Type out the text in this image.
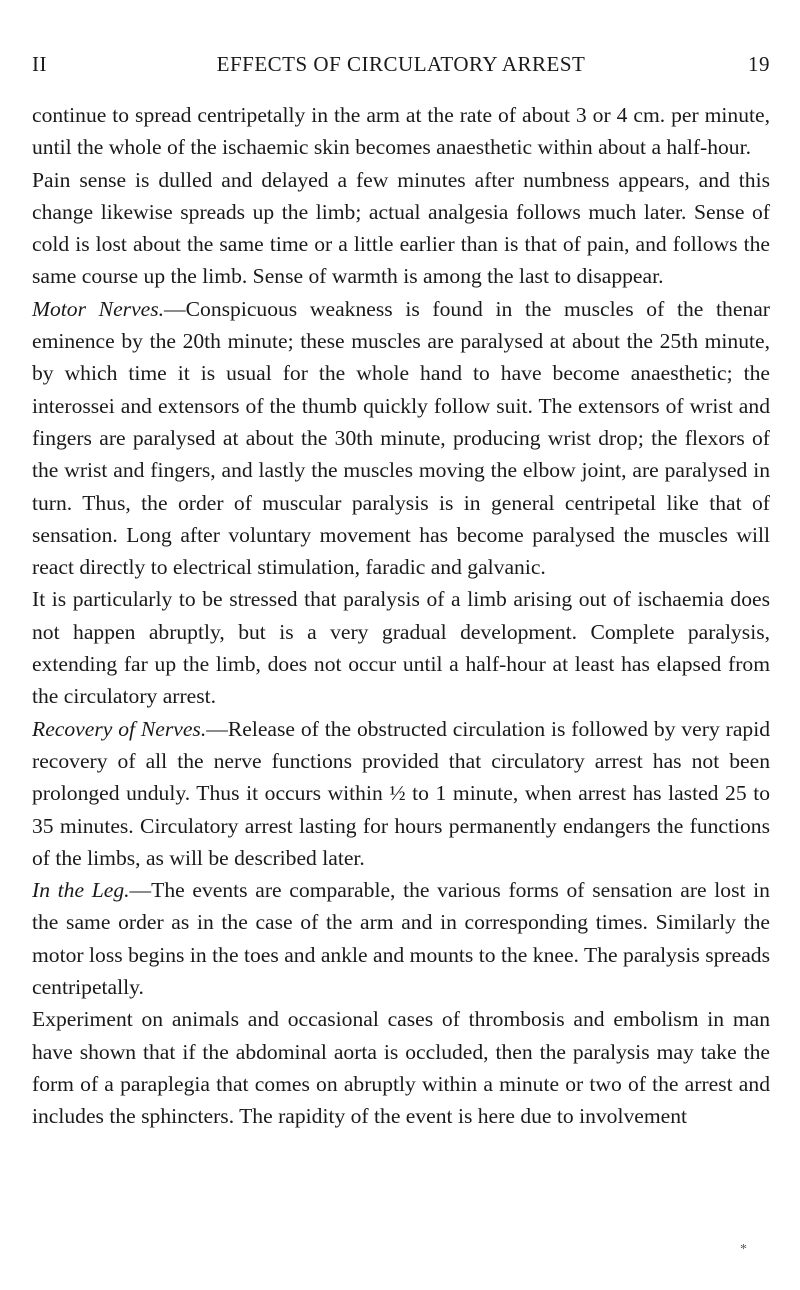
II	EFFECTS OF CIRCULATORY ARREST	19

continue to spread centripetally in the arm at the rate of about 3 or 4 cm. per minute, until the whole of the ischaemic skin becomes anaesthetic within about a half-hour.

Pain sense is dulled and delayed a few minutes after numbness appears, and this change likewise spreads up the limb; actual analgesia follows much later. Sense of cold is lost about the same time or a little earlier than is that of pain, and follows the same course up the limb. Sense of warmth is among the last to disappear.

Motor Nerves.—Conspicuous weakness is found in the muscles of the thenar eminence by the 20th minute; these muscles are paralysed at about the 25th minute, by which time it is usual for the whole hand to have become anaesthetic; the interossei and extensors of the thumb quickly follow suit. The extensors of wrist and fingers are paralysed at about the 30th minute, producing wrist drop; the flexors of the wrist and fingers, and lastly the muscles moving the elbow joint, are paralysed in turn. Thus, the order of muscular paralysis is in general centripetal like that of sensation. Long after voluntary movement has become paralysed the muscles will react directly to electrical stimulation, faradic and galvanic.

It is particularly to be stressed that paralysis of a limb arising out of ischaemia does not happen abruptly, but is a very gradual development. Complete paralysis, extending far up the limb, does not occur until a half-hour at least has elapsed from the circulatory arrest.

Recovery of Nerves.—Release of the obstructed circulation is followed by very rapid recovery of all the nerve functions provided that circulatory arrest has not been prolonged unduly. Thus it occurs within ½ to 1 minute, when arrest has lasted 25 to 35 minutes. Circulatory arrest lasting for hours permanently endangers the functions of the limbs, as will be described later.

In the Leg.—The events are comparable, the various forms of sensation are lost in the same order as in the case of the arm and in corresponding times. Similarly the motor loss begins in the toes and ankle and mounts to the knee. The paralysis spreads centripetally.

Experiment on animals and occasional cases of thrombosis and embolism in man have shown that if the abdominal aorta is occluded, then the paralysis may take the form of a paraplegia that comes on abruptly within a minute or two of the arrest and includes the sphincters. The rapidity of the event is here due to involvement

*
